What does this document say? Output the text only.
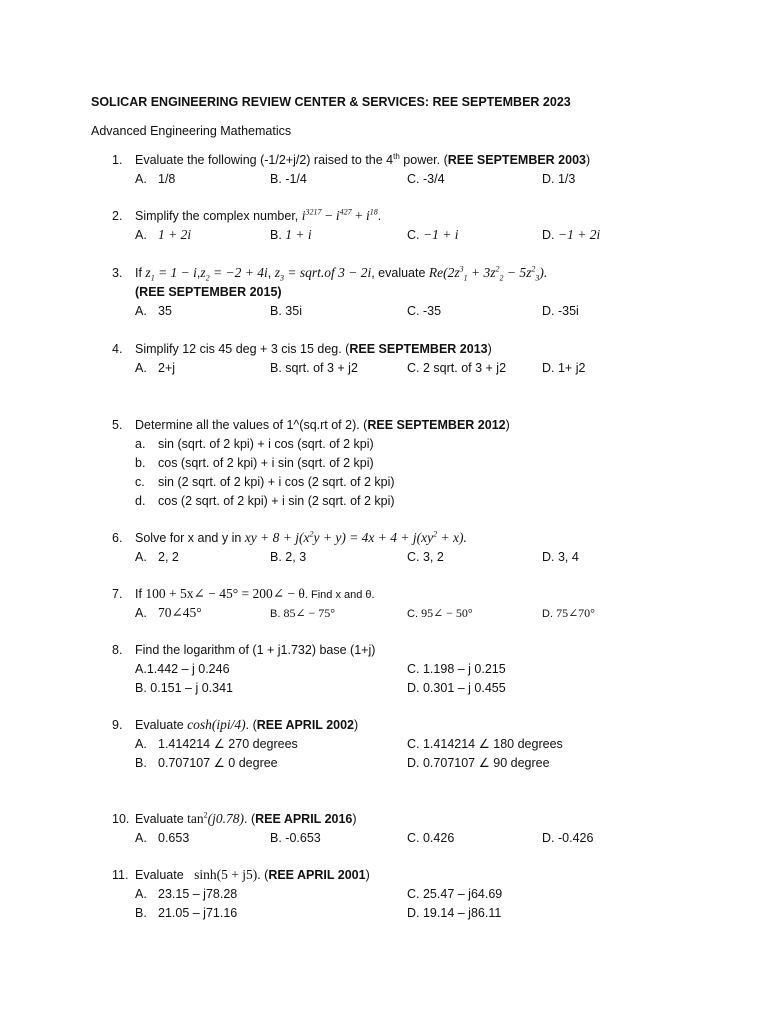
SOLICAR ENGINEERING REVIEW CENTER & SERVICES: REE SEPTEMBER 2023
Advanced Engineering Mathematics
1.	Evaluate the following (-1/2+j/2) raised to the 4th power. (REE SEPTEMBER 2003)
A. 1/8	B. -1/4	C. -3/4	D. 1/3
2.	Simplify the complex number, $i^{3217} - i^{427} + i^{18}$.
A. 1 + 2i	B. 1 + i	C. −1 + i	D. −1 + 2i
3.	If $z_1 = 1 - i,z_2 = -2 + 4i$, $z_3$ = sqrt.of 3 − 2i, evaluate $Re(2z^3_1 + 3z^2_2 - 5z^2_3)$.
(REE SEPTEMBER 2015)
A. 35	B. 35i	C. -35	D. -35i
4.	Simplify 12 cis 45 deg + 3 cis 15 deg. (REE SEPTEMBER 2013)
A. 2+j	B. sqrt. of 3 + j2	C. 2 sqrt. of 3 + j2	D. 1+ j2
5.	Determine all the values of 1^(sq.rt of 2). (REE SEPTEMBER 2012)
a. sin (sqrt. of 2 kpi) + i cos (sqrt. of 2 kpi)
b. cos (sqrt. of 2 kpi) + i sin (sqrt. of 2 kpi)
c. sin (2 sqrt. of 2 kpi) + i cos (2 sqrt. of 2 kpi)
d. cos (2 sqrt. of 2 kpi) + i sin (2 sqrt. of 2 kpi)
6.	Solve for x and y in xy + $8 + j(x^2y + y) = 4x + 4 + j(xy^2 + x)$.
A. 2, 2	B. 2, 3	C. 3, 2	D. 3, 4
7.	If 100 + 5x∠ − 45° = 200∠ − θ. Find x and θ.
A. 70∠45°	B. 85∠ − 75°	C. 95∠ − 50°	D. 75∠70°
8.	Find the logarithm of (1 + j1.732) base (1+j)
A.1.442 – j 0.246	C. 1.198 – j 0.215
B. 0.151 – j 0.341	D. 0.301 – j 0.455
9.	Evaluate cosh(ipi/4). (REE APRIL 2002)
A. 1.414214 ∠ 270 degrees	C. 1.414214 ∠ 180 degrees
B. 0.707107 ∠ 0 degree	D. 0.707107 ∠ 90 degree
10. Evaluate $\tan^2(j0.78)$. (REE APRIL 2016)
A. 0.653	B. -0.653	C. 0.426	D. -0.426
11. Evaluate   sinh(5 + j5). (REE APRIL 2001)
A. 23.15 – j78.28	C. 25.47 – j64.69
B. 21.05 – j71.16	D. 19.14 – j86.11
